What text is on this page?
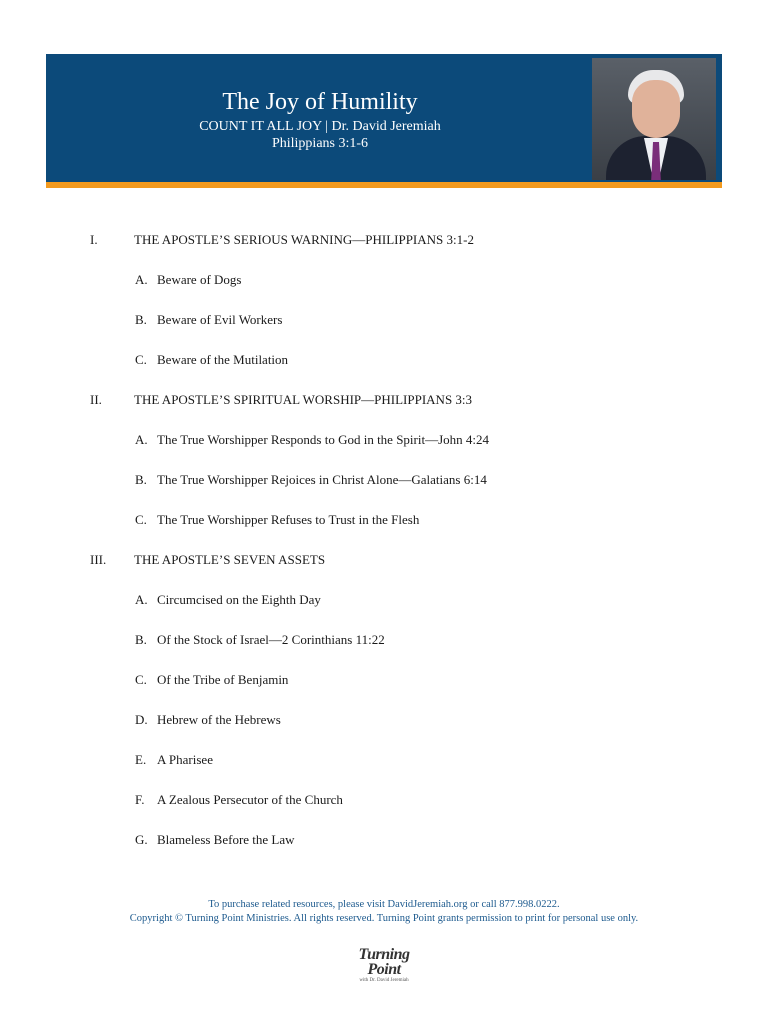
The Joy of Humility
COUNT IT ALL JOY | Dr. David Jeremiah
Philippians 3:1-6
I.	THE APOSTLE’S SERIOUS WARNING—PHILIPPIANS 3:1-2
A. Beware of Dogs
B. Beware of Evil Workers
C. Beware of the Mutilation
II. THE APOSTLE’S SPIRITUAL WORSHIP—PHILIPPIANS 3:3
A. The True Worshipper Responds to God in the Spirit—John 4:24
B. The True Worshipper Rejoices in Christ Alone—Galatians 6:14
C. The True Worshipper Refuses to Trust in the Flesh
III. THE APOSTLE’S SEVEN ASSETS
A. Circumcised on the Eighth Day
B. Of the Stock of Israel—2 Corinthians 11:22
C. Of the Tribe of Benjamin
D. Hebrew of the Hebrews
E. A Pharisee
F. A Zealous Persecutor of the Church
G. Blameless Before the Law
To purchase related resources, please visit DavidJeremiah.org or call 877.998.0222.
Copyright © Turning Point Ministries. All rights reserved. Turning Point grants permission to print for personal use only.
Turning
Point
with Dr. David Jeremiah
